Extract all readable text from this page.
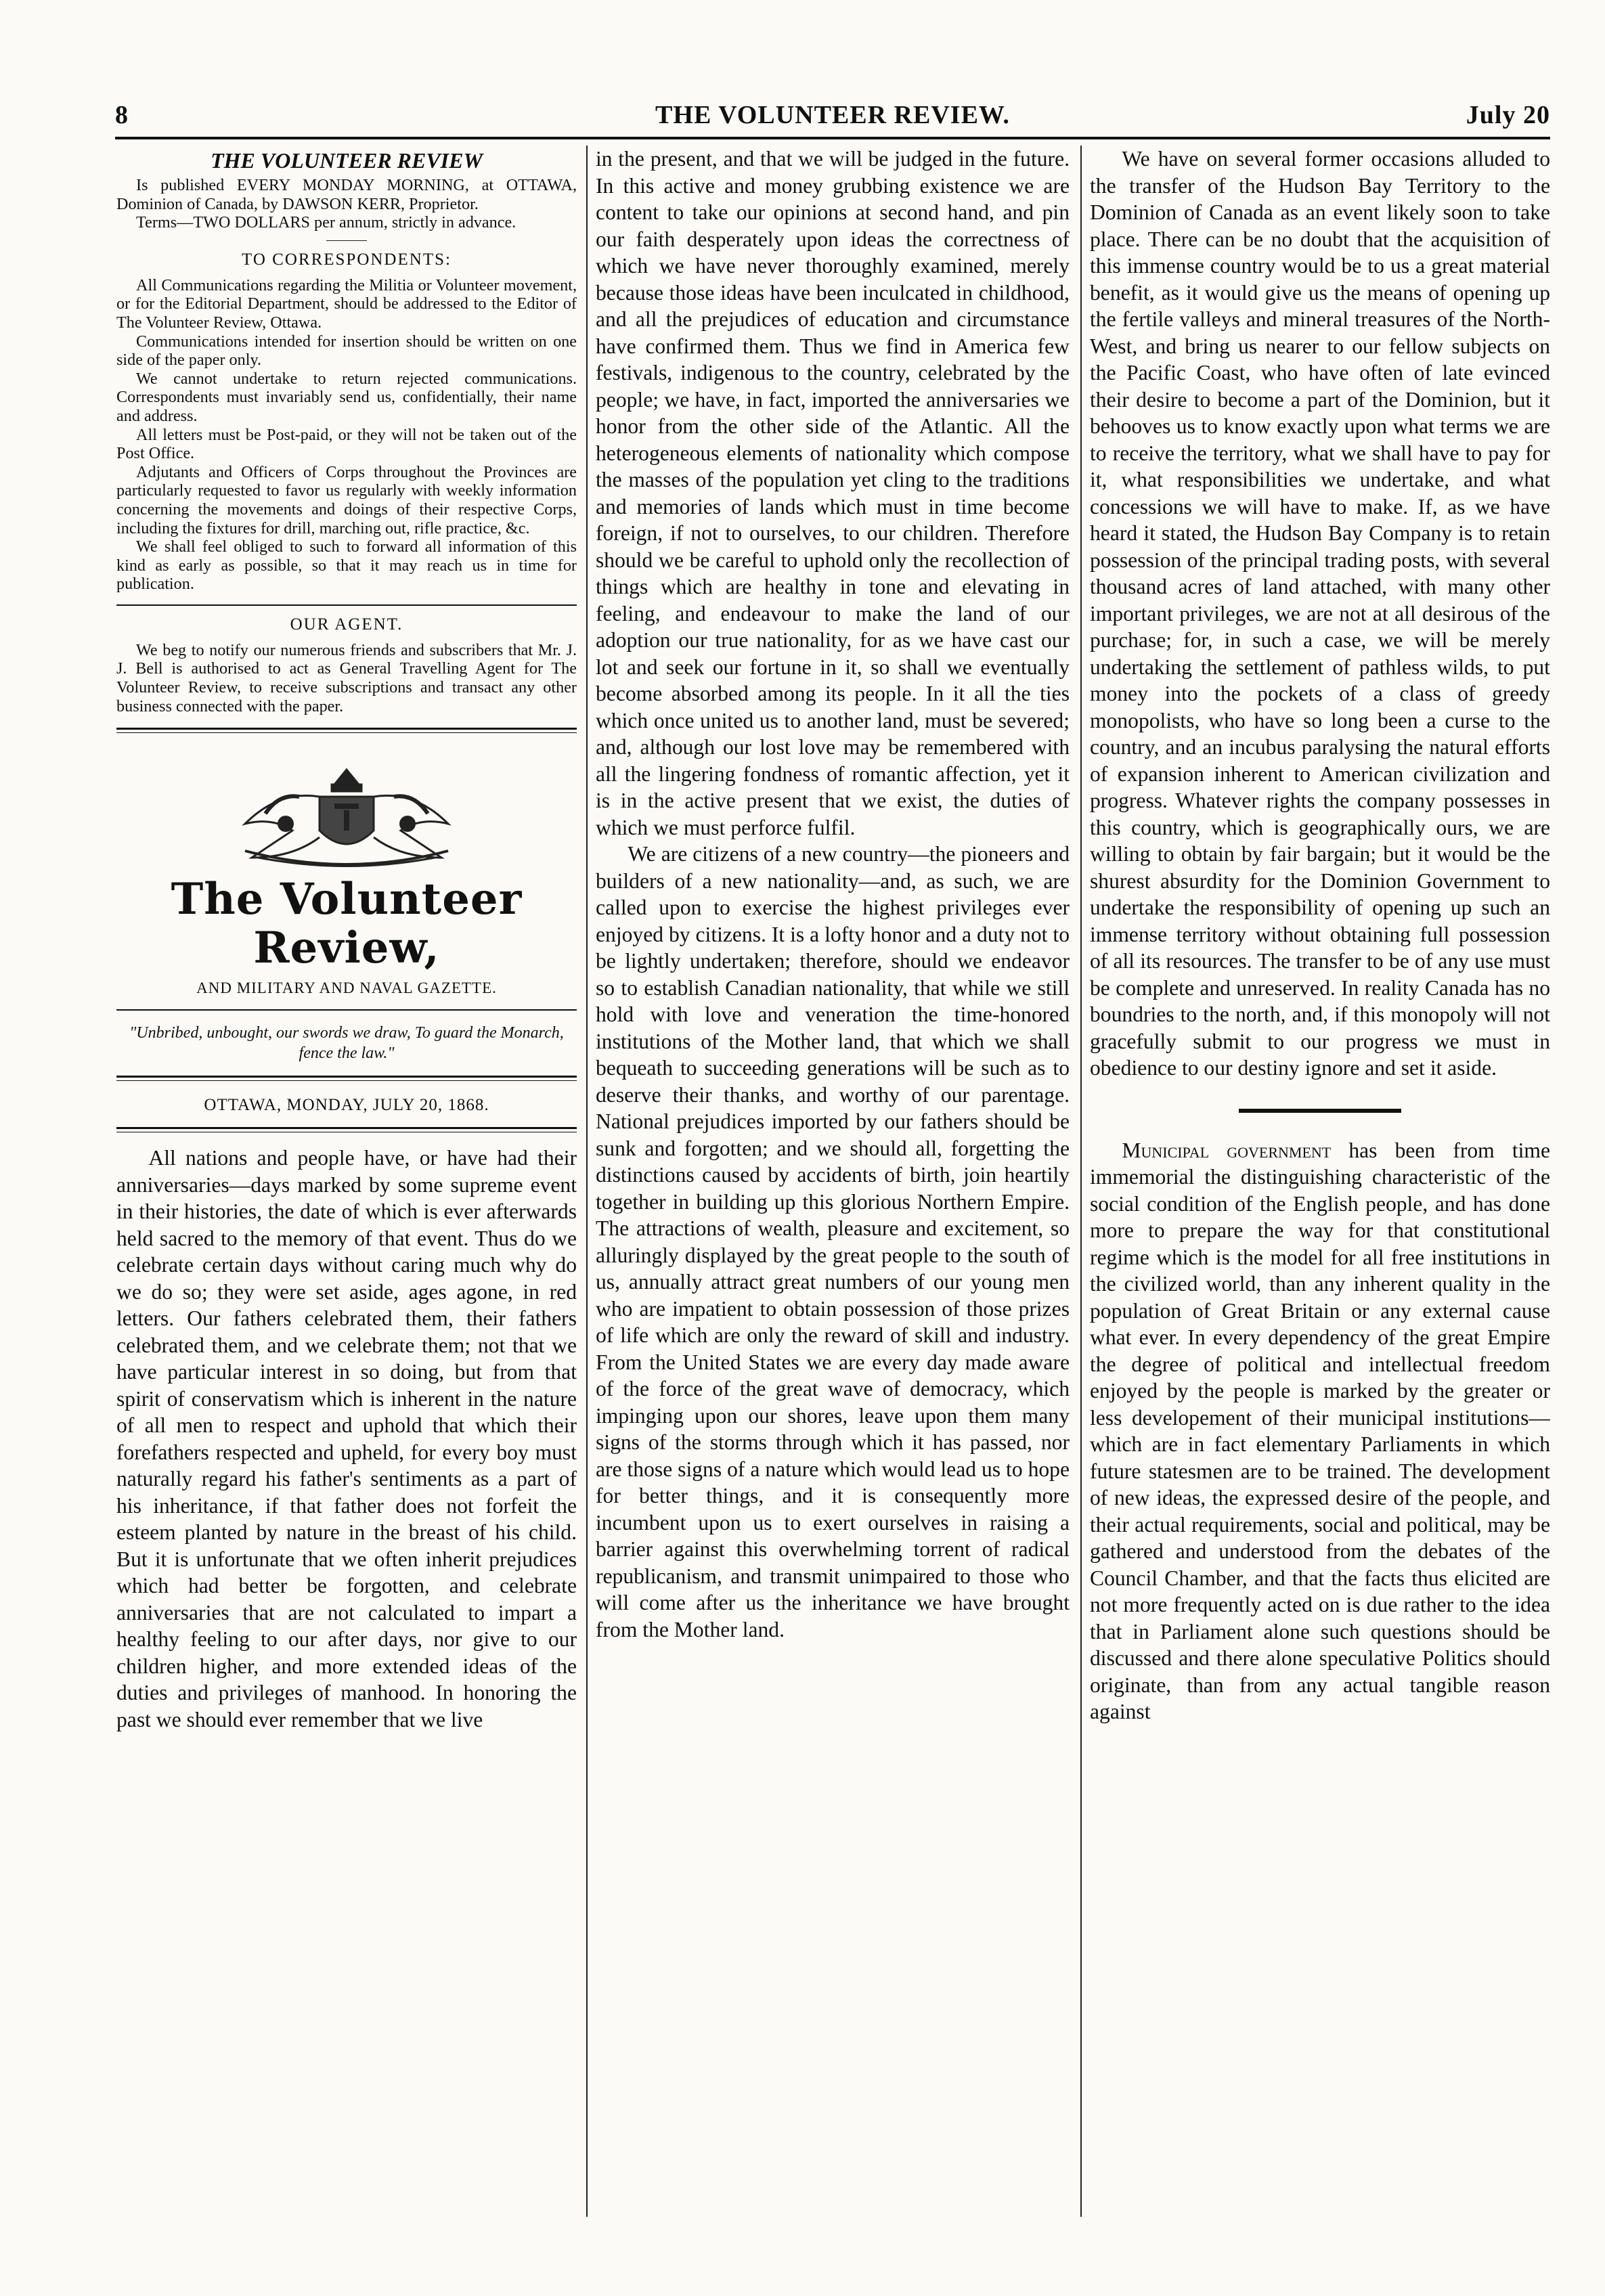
8	THE VOLUNTEER REVIEW.	July 20
THE VOLUNTEER REVIEW

Is published EVERY MONDAY MORNING, at OTTAWA, Dominion of Canada, by DAWSON KERR, Proprietor.

Terms—TWO DOLLARS per annum, strictly in advance.

TO CORRESPONDENTS:

All Communications regarding the Militia or Volunteer movement, or for the Editorial Department, should be addressed to the Editor of The Volunteer Review, Ottawa.

Communications intended for insertion should be written on one side of the paper only.

We cannot undertake to return rejected communications. Correspondents must invariably send us, confidentially, their name and address.

All letters must be Post-paid, or they will not be taken out of the Post Office.

Adjutants and Officers of Corps throughout the Provinces are particularly requested to favor us regularly with weekly information concerning the movements and doings of their respective Corps, including the fixtures for drill, marching out, rifle practice, &c.

We shall feel obliged to such to forward all information of this kind as early as possible, so that it may reach us in time for publication.

OUR AGENT.

We beg to notify our numerous friends and subscribers that Mr. J. J. Bell is authorised to act as General Travelling Agent for The Volunteer Review, to receive subscriptions and transact any other business connected with the paper.

The Volunteer Review,
AND MILITARY AND NAVAL GAZETTE.
"Unbribed, unbought, our swords we draw, To guard the Monarch, fence the law."
OTTAWA, MONDAY, JULY 20, 1868.

All nations and people have, or have had their anniversaries—days marked by some supreme event in their histories, the date of which is ever afterwards held sacred to the memory of that event. Thus do we celebrate certain days without caring much why do we do so; they were set aside, ages agone, in red letters. Our fathers celebrated them, their fathers celebrated them, and we celebrate them; not that we have particular interest in so doing, but from that spirit of conservatism which is inherent in the nature of all men to respect and uphold that which their forefathers respected and upheld, for every boy must naturally regard his father's sentiments as a part of his inheritance, if that father does not forfeit the esteem planted by nature in the breast of his child. But it is unfortunate that we often inherit prejudices which had better be forgotten, and celebrate anniversaries that are not calculated to impart a healthy feeling to our after days, nor give to our children higher, and more extended ideas of the duties and privileges of manhood. In honoring the past we should ever remember that we live

in the present, and that we will be judged in the future. In this active and money grubbing existence we are content to take our opinions at second hand, and pin our faith desperately upon ideas the correctness of which we have never thoroughly examined, merely because those ideas have been inculcated in childhood, and all the prejudices of education and circumstance have confirmed them. Thus we find in America few festivals, indigenous to the country, celebrated by the people; we have, in fact, imported the anniversaries we honor from the other side of the Atlantic. All the heterogeneous elements of nationality which compose the masses of the population yet cling to the traditions and memories of lands which must in time become foreign, if not to ourselves, to our children. Therefore should we be careful to uphold only the recollection of things which are healthy in tone and elevating in feeling, and endeavour to make the land of our adoption our true nationality, for as we have cast our lot and seek our fortune in it, so shall we eventually become absorbed among its people. In it all the ties which once united us to another land, must be severed; and, although our lost love may be remembered with all the lingering fondness of romantic affection, yet it is in the active present that we exist, the duties of which we must perforce fulfil.

We are citizens of a new country—the pioneers and builders of a new nationality—and, as such, we are called upon to exercise the highest privileges ever enjoyed by citizens. It is a lofty honor and a duty not to be lightly undertaken; therefore, should we endeavor so to establish Canadian nationality, that while we still hold with love and veneration the time-honored institutions of the Mother land, that which we shall bequeath to succeeding generations will be such as to deserve their thanks, and worthy of our parentage. National prejudices imported by our fathers should be sunk and forgotten; and we should all, forgetting the distinctions caused by accidents of birth, join heartily together in building up this glorious Northern Empire. The attractions of wealth, pleasure and excitement, so alluringly displayed by the great people to the south of us, annually attract great numbers of our young men who are impatient to obtain possession of those prizes of life which are only the reward of skill and industry. From the United States we are every day made aware of the force of the great wave of democracy, which impinging upon our shores, leave upon them many signs of the storms through which it has passed, nor are those signs of a nature which would lead us to hope for better things, and it is consequently more incumbent upon us to exert ourselves in raising a barrier against this overwhelming torrent of radical republicanism, and transmit unimpaired to those who will come after us the inheritance we have brought from the Mother land.

We have on several former occasions alluded to the transfer of the Hudson Bay Territory to the Dominion of Canada as an event likely soon to take place. There can be no doubt that the acquisition of this immense country would be to us a great material benefit, as it would give us the means of opening up the fertile valleys and mineral treasures of the North-West, and bring us nearer to our fellow subjects on the Pacific Coast, who have often of late evinced their desire to become a part of the Dominion, but it behooves us to know exactly upon what terms we are to receive the territory, what we shall have to pay for it, what responsibilities we undertake, and what concessions we will have to make. If, as we have heard it stated, the Hudson Bay Company is to retain possession of the principal trading posts, with several thousand acres of land attached, with many other important privileges, we are not at all desirous of the purchase; for, in such a case, we will be merely undertaking the settlement of pathless wilds, to put money into the pockets of a class of greedy monopolists, who have so long been a curse to the country, and an incubus paralysing the natural efforts of expansion inherent to American civilization and progress. Whatever rights the company possesses in this country, which is geographically ours, we are willing to obtain by fair bargain; but it would be the shurest absurdity for the Dominion Government to undertake the responsibility of opening up such an immense territory without obtaining full possession of all its resources. The transfer to be of any use must be complete and unreserved. In reality Canada has no boundries to the north, and, if this monopoly will not gracefully submit to our progress we must in obedience to our destiny ignore and set it aside.

Municipal government has been from time immemorial the distinguishing characteristic of the social condition of the English people, and has done more to prepare the way for that constitutional regime which is the model for all free institutions in the civilized world, than any inherent quality in the population of Great Britain or any external cause what ever. In every dependency of the great Empire the degree of political and intellectual freedom enjoyed by the people is marked by the greater or less developement of their municipal institutions—which are in fact elementary Parliaments in which future statesmen are to be trained. The development of new ideas, the expressed desire of the people, and their actual requirements, social and political, may be gathered and understood from the debates of the Council Chamber, and that the facts thus elicited are not more frequently acted on is due rather to the idea that in Parliament alone such questions should be discussed and there alone speculative Politics should originate, than from any actual tangible reason against
